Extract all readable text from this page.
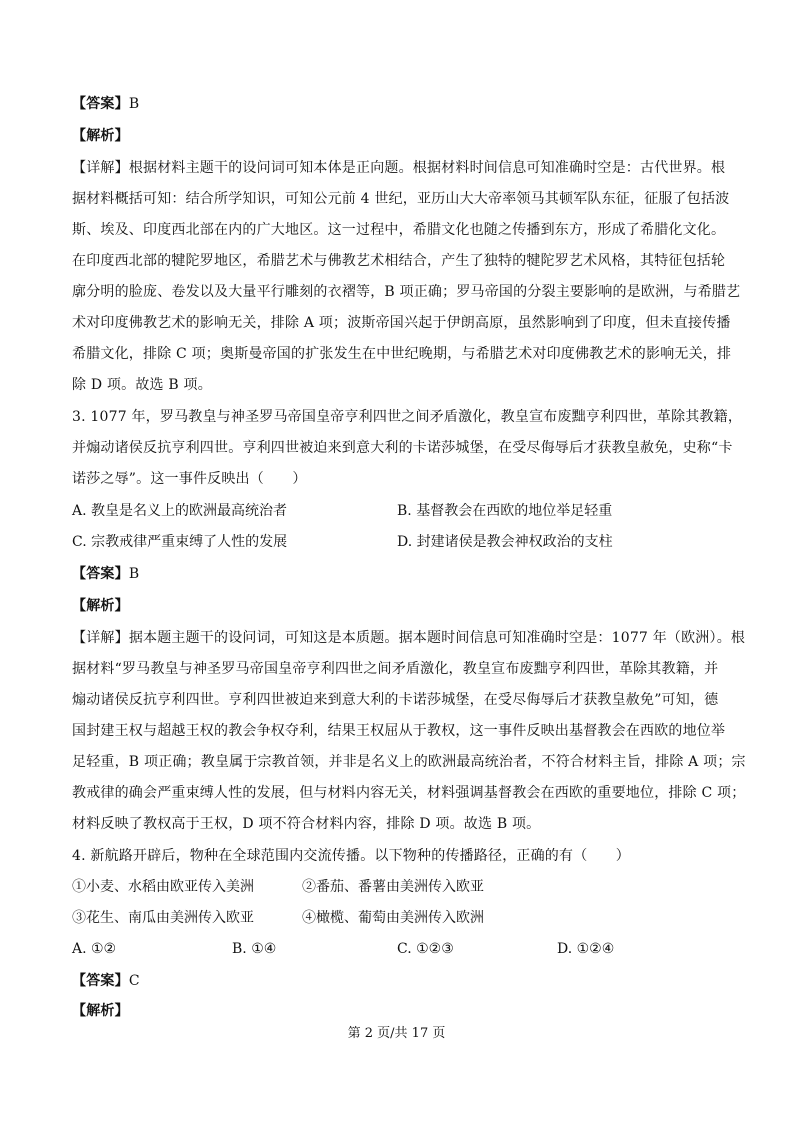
【答案】B
【解析】
【详解】根据材料主题干的设问词可知本体是正向题。根据材料时间信息可知准确时空是：古代世界。根
据材料概括可知：结合所学知识，可知公元前 4 世纪，亚历山大大帝率领马其顿军队东征，征服了包括波
斯、埃及、印度西北部在内的广大地区。这一过程中，希腊文化也随之传播到东方，形成了希腊化文化。
在印度西北部的犍陀罗地区，希腊艺术与佛教艺术相结合，产生了独特的犍陀罗艺术风格，其特征包括轮
廓分明的脸庞、卷发以及大量平行雕刻的衣褶等，B 项正确；罗马帝国的分裂主要影响的是欧洲，与希腊艺
术对印度佛教艺术的影响无关，排除 A 项；波斯帝国兴起于伊朗高原，虽然影响到了印度，但未直接传播
希腊文化，排除 C 项；奥斯曼帝国的扩张发生在中世纪晚期，与希腊艺术对印度佛教艺术的影响无关，排
除 D 项。故选 B 项。
3. 1077 年，罗马教皇与神圣罗马帝国皇帝亨利四世之间矛盾激化，教皇宣布废黜亨利四世，革除其教籍，
并煽动诸侯反抗亨利四世。亨利四世被迫来到意大利的卡诺莎城堡，在受尽侮辱后才获教皇赦免，史称“卡
诺莎之辱”。这一事件反映出（　　）
A. 教皇是名义上的欧洲最高统治者	B. 基督教会在西欧的地位举足轻重
C. 宗教戒律严重束缚了人性的发展	D. 封建诸侯是教会神权政治的支柱
【答案】B
【解析】
【详解】据本题主题干的设问词，可知这是本质题。据本题时间信息可知准确时空是：1077 年（欧洲）。根
据材料“罗马教皇与神圣罗马帝国皇帝亨利四世之间矛盾激化，教皇宣布废黜亨利四世，革除其教籍，并
煽动诸侯反抗亨利四世。亨利四世被迫来到意大利的卡诺莎城堡，在受尽侮辱后才获教皇赦免”可知，德
国封建王权与超越王权的教会争权夺利，结果王权屈从于教权，这一事件反映出基督教会在西欧的地位举
足轻重，B 项正确；教皇属于宗教首领，并非是名义上的欧洲最高统治者，不符合材料主旨，排除 A 项；宗
教戒律的确会严重束缚人性的发展，但与材料内容无关，材料强调基督教会在西欧的重要地位，排除 C 项；
材料反映了教权高于王权，D 项不符合材料内容，排除 D 项。故选 B 项。
4. 新航路开辟后，物种在全球范围内交流传播。以下物种的传播路径，正确的有（　　）
①小麦、水稻由欧亚传入美洲	②番茄、番薯由美洲传入欧亚
③花生、南瓜由美洲传入欧亚	④橄榄、葡萄由美洲传入欧洲
A. ①②	B. ①④	C. ①②③	D. ①②④
【答案】C
【解析】
第 2 页/共 17 页
